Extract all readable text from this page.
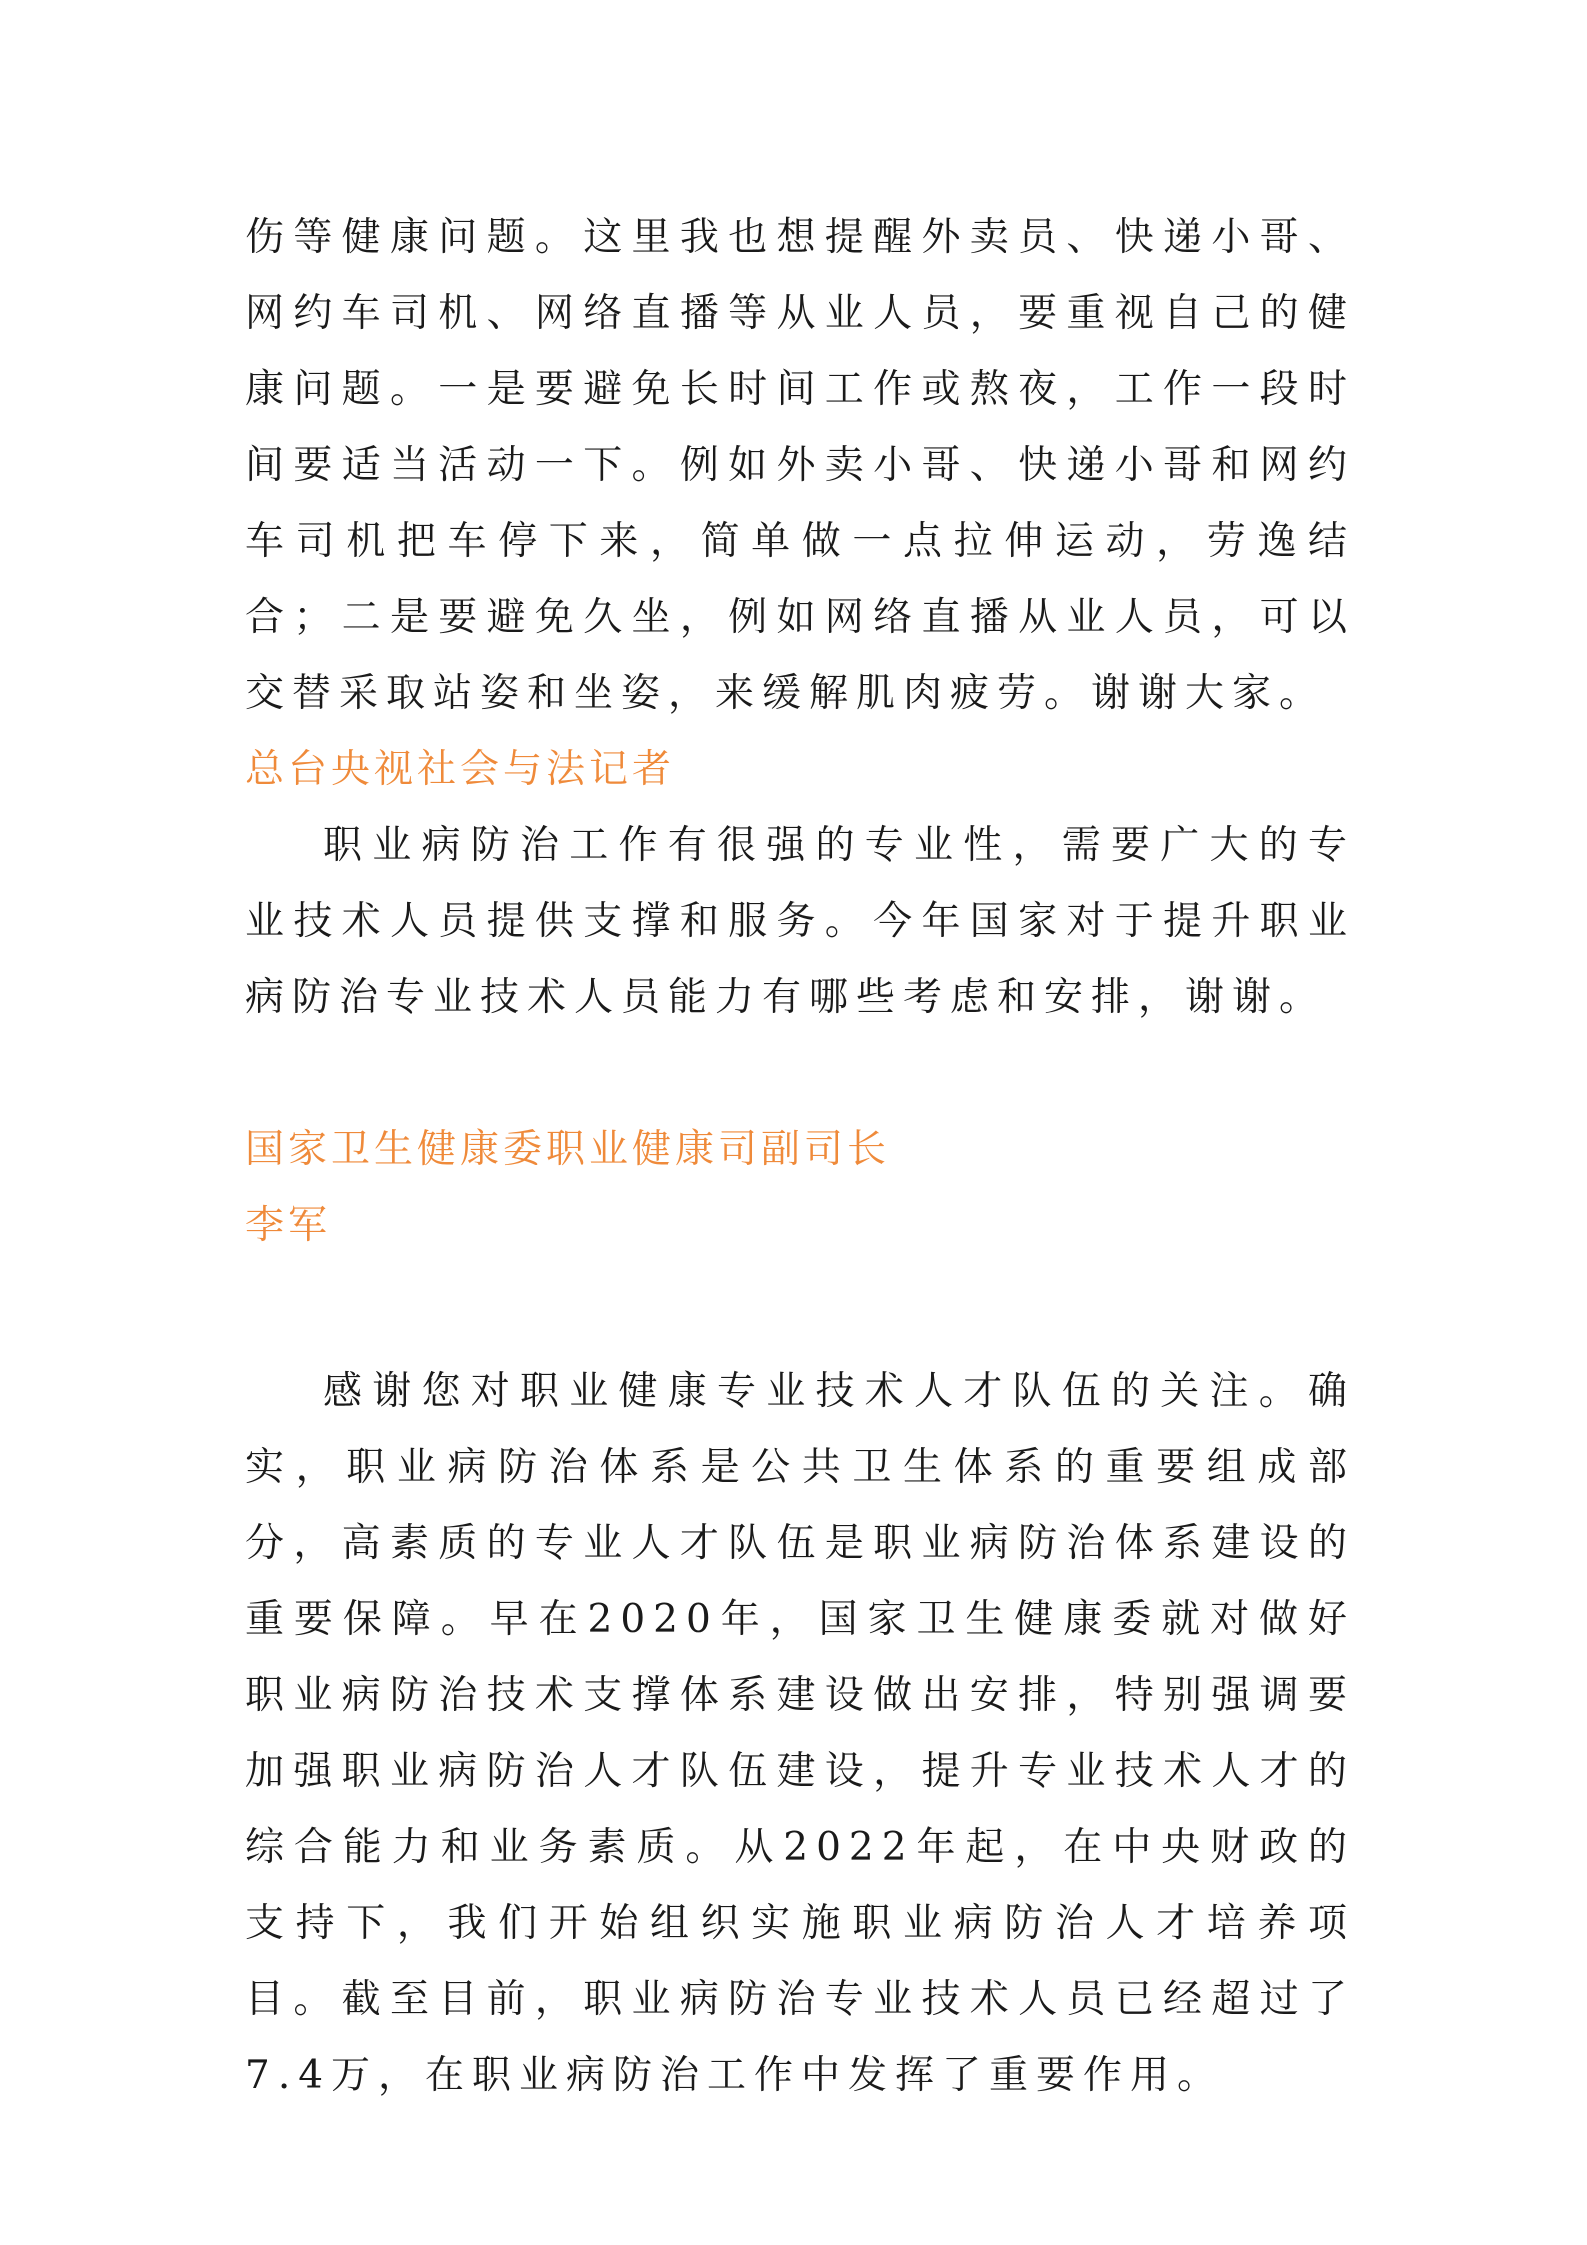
伤等健康问题。这里我也想提醒外卖员、快递小哥、网约车司机、网络直播等从业人员，要重视自己的健康问题。一是要避免长时间工作或熬夜，工作一段时间要适当活动一下。例如外卖小哥、快递小哥和网约车司机把车停下来，简单做一点拉伸运动，劳逸结合；二是要避免久坐，例如网络直播从业人员，可以交替采取站姿和坐姿，来缓解肌肉疲劳。谢谢大家。

总台央视社会与法记者

职业病防治工作有很强的专业性，需要广大的专业技术人员提供支撑和服务。今年国家对于提升职业病防治专业技术人员能力有哪些考虑和安排，谢谢。

国家卫生健康委职业健康司副司长

李军

感谢您对职业健康专业技术人才队伍的关注。确实，职业病防治体系是公共卫生体系的重要组成部分，高素质的专业人才队伍是职业病防治体系建设的重要保障。早在2020年，国家卫生健康委就对做好职业病防治技术支撑体系建设做出安排，特别强调要加强职业病防治人才队伍建设，提升专业技术人才的综合能力和业务素质。从2022年起，在中央财政的支持下，我们开始组织实施职业病防治人才培养项目。截至目前，职业病防治专业技术人员已经超过了7.4万，在职业病防治工作中发挥了重要作用。
